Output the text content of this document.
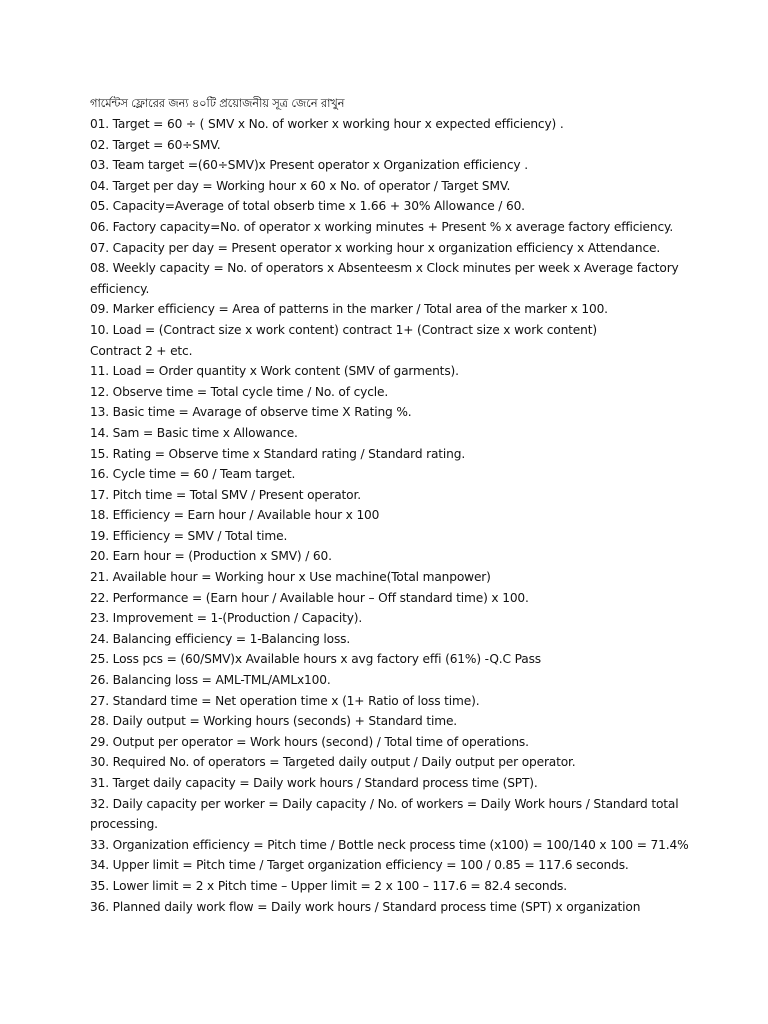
গার্মেন্টস ফ্লোরের জন্য ৪০টি প্রয়োজনীয় সূত্র জেনে রাখুন
01. Target = 60 ÷ ( SMV x No. of worker x working hour x expected efficiency) .
02. Target = 60÷SMV.
03. Team target =(60÷SMV)x Present operator x Organization efficiency .
04. Target per day = Working hour x 60 x No. of operator / Target SMV.
05. Capacity=Average of total obserb time x 1.66 + 30% Allowance / 60.
06. Factory capacity=No. of operator x working minutes + Present % x average factory efficiency.
07. Capacity per day = Present operator x working hour x organization efficiency x Attendance.
08. Weekly capacity = No. of operators x Absenteesm x Clock minutes per week x Average factory
efficiency.
09. Marker efficiency = Area of patterns in the marker / Total area of the marker x 100.
10. Load = (Contract size x work content) contract 1+ (Contract size x work content)
Contract 2 + etc.
11. Load = Order quantity x Work content (SMV of garments).
12. Observe time = Total cycle time / No. of cycle.
13. Basic time = Avarage of observe time X Rating %.
14. Sam = Basic time x Allowance.
15. Rating = Observe time x Standard rating / Standard rating.
16. Cycle time = 60 / Team target.
17. Pitch time = Total SMV / Present operator.
18. Efficiency = Earn hour / Available hour x 100
19. Efficiency = SMV / Total time.
20. Earn hour = (Production x SMV) / 60.
21. Available hour = Working hour x Use machine(Total manpower)
22. Performance = (Earn hour / Available hour – Off standard time) x 100.
23. Improvement = 1-(Production / Capacity).
24. Balancing efficiency = 1-Balancing loss.
25. Loss pcs = (60/SMV)x Available hours x avg factory effi (61%) -Q.C Pass
26. Balancing loss = AML-TML/AMLx100.
27. Standard time = Net operation time x (1+ Ratio of loss time).
28. Daily output = Working hours (seconds) + Standard time.
29. Output per operator = Work hours (second) / Total time of operations.
30. Required No. of operators = Targeted daily output / Daily output per operator.
31. Target daily capacity = Daily work hours / Standard process time (SPT).
32. Daily capacity per worker = Daily capacity / No. of workers = Daily Work hours / Standard total
processing.
33. Organization efficiency = Pitch time / Bottle neck process time (x100) = 100/140 x 100 = 71.4%
34. Upper limit = Pitch time / Target organization efficiency = 100 / 0.85 = 117.6 seconds.
35. Lower limit = 2 x Pitch time – Upper limit = 2 x 100 – 117.6 = 82.4 seconds.
36. Planned daily work flow = Daily work hours / Standard process time (SPT) x organization
